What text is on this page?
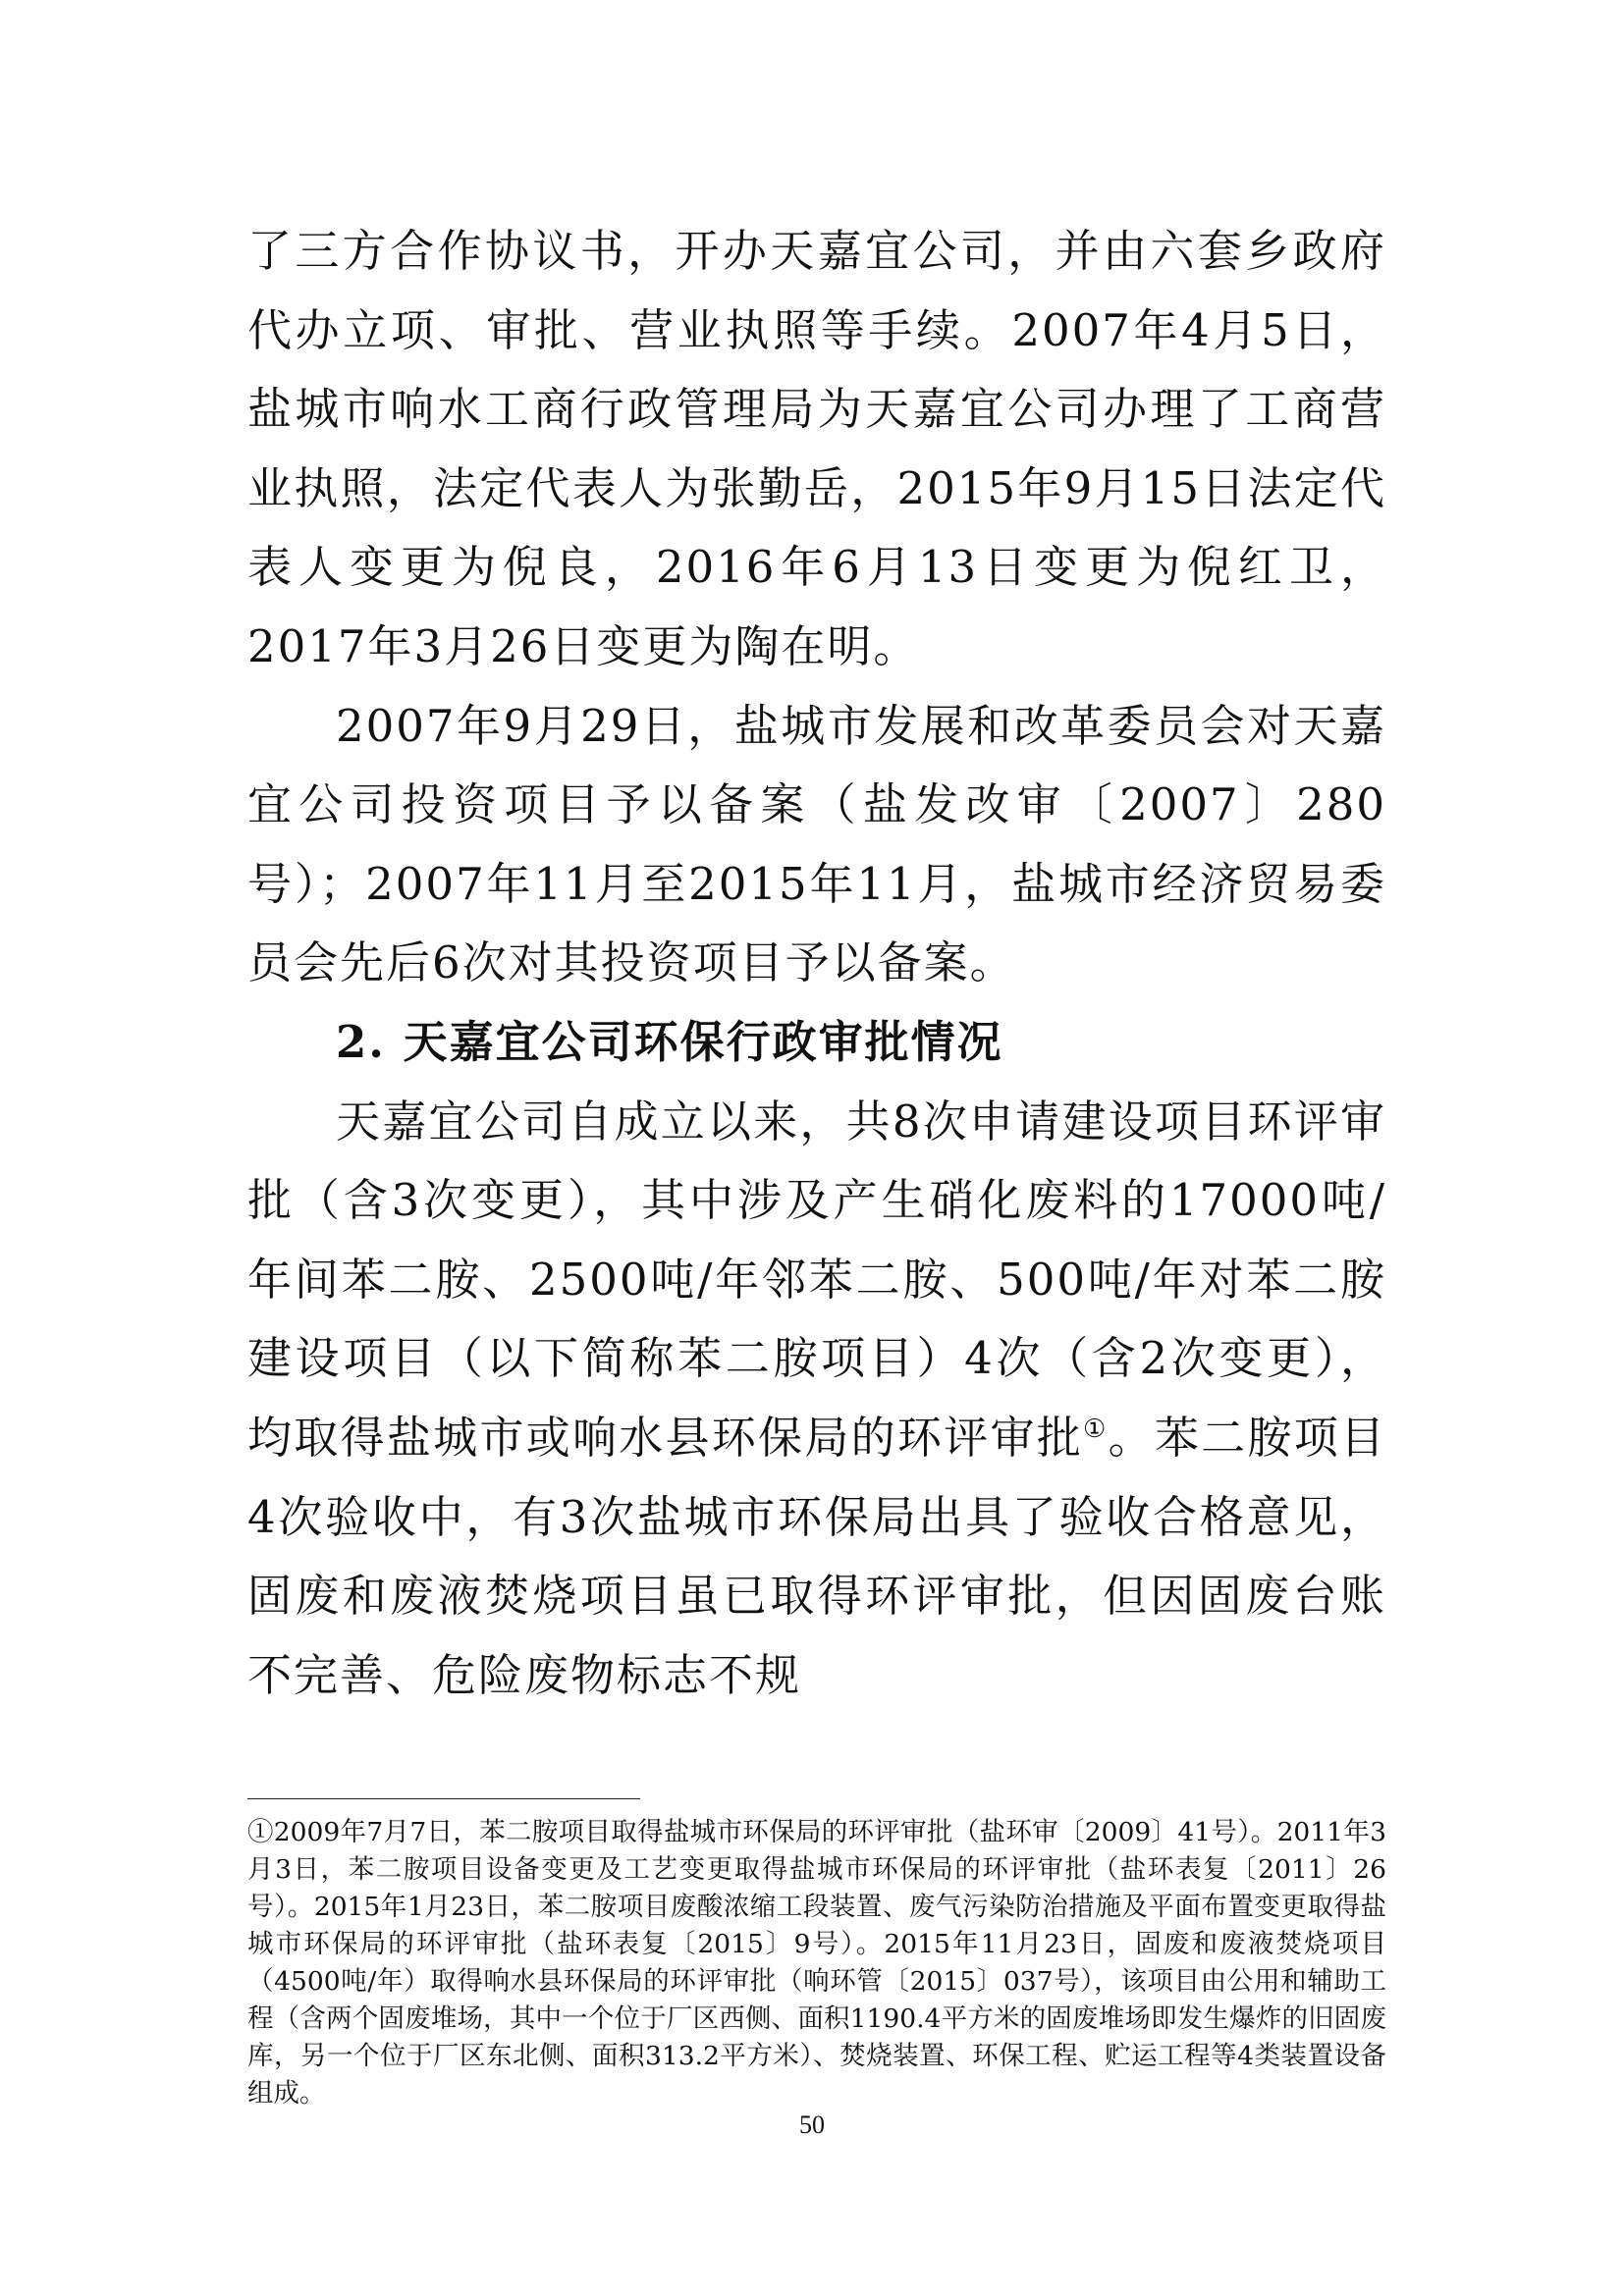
了三方合作协议书，开办天嘉宜公司，并由六套乡政府代办立项、审批、营业执照等手续。2007年4月5日，盐城市响水工商行政管理局为天嘉宜公司办理了工商营业执照，法定代表人为张勤岳，2015年9月15日法定代表人变更为倪良，2016年6月13日变更为倪红卫，2017年3月26日变更为陶在明。

2007年9月29日，盐城市发展和改革委员会对天嘉宜公司投资项目予以备案（盐发改审〔2007〕280号）；2007年11月至2015年11月，盐城市经济贸易委员会先后6次对其投资项目予以备案。

2. 天嘉宜公司环保行政审批情况

天嘉宜公司自成立以来，共8次申请建设项目环评审批（含3次变更），其中涉及产生硝化废料的17000吨/年间苯二胺、2500吨/年邻苯二胺、500吨/年对苯二胺建设项目（以下简称苯二胺项目）4次（含2次变更），均取得盐城市或响水县环保局的环评审批①。苯二胺项目4次验收中，有3次盐城市环保局出具了验收合格意见，固废和废液焚烧项目虽已取得环评审批，但因固废台账不完善、危险废物标志不规

①2009年7月7日，苯二胺项目取得盐城市环保局的环评审批（盐环审〔2009〕41号）。2011年3月3日，苯二胺项目设备变更及工艺变更取得盐城市环保局的环评审批（盐环表复〔2011〕26号）。2015年1月23日，苯二胺项目废酸浓缩工段装置、废气污染防治措施及平面布置变更取得盐城市环保局的环评审批（盐环表复〔2015〕9号）。2015年11月23日，固废和废液焚烧项目（4500吨/年）取得响水县环保局的环评审批（响环管〔2015〕037号），该项目由公用和辅助工程（含两个固废堆场，其中一个位于厂区西侧、面积1190.4平方米的固废堆场即发生爆炸的旧固废库，另一个位于厂区东北侧、面积313.2平方米）、焚烧装置、环保工程、贮运工程等4类装置设备组成。

50
